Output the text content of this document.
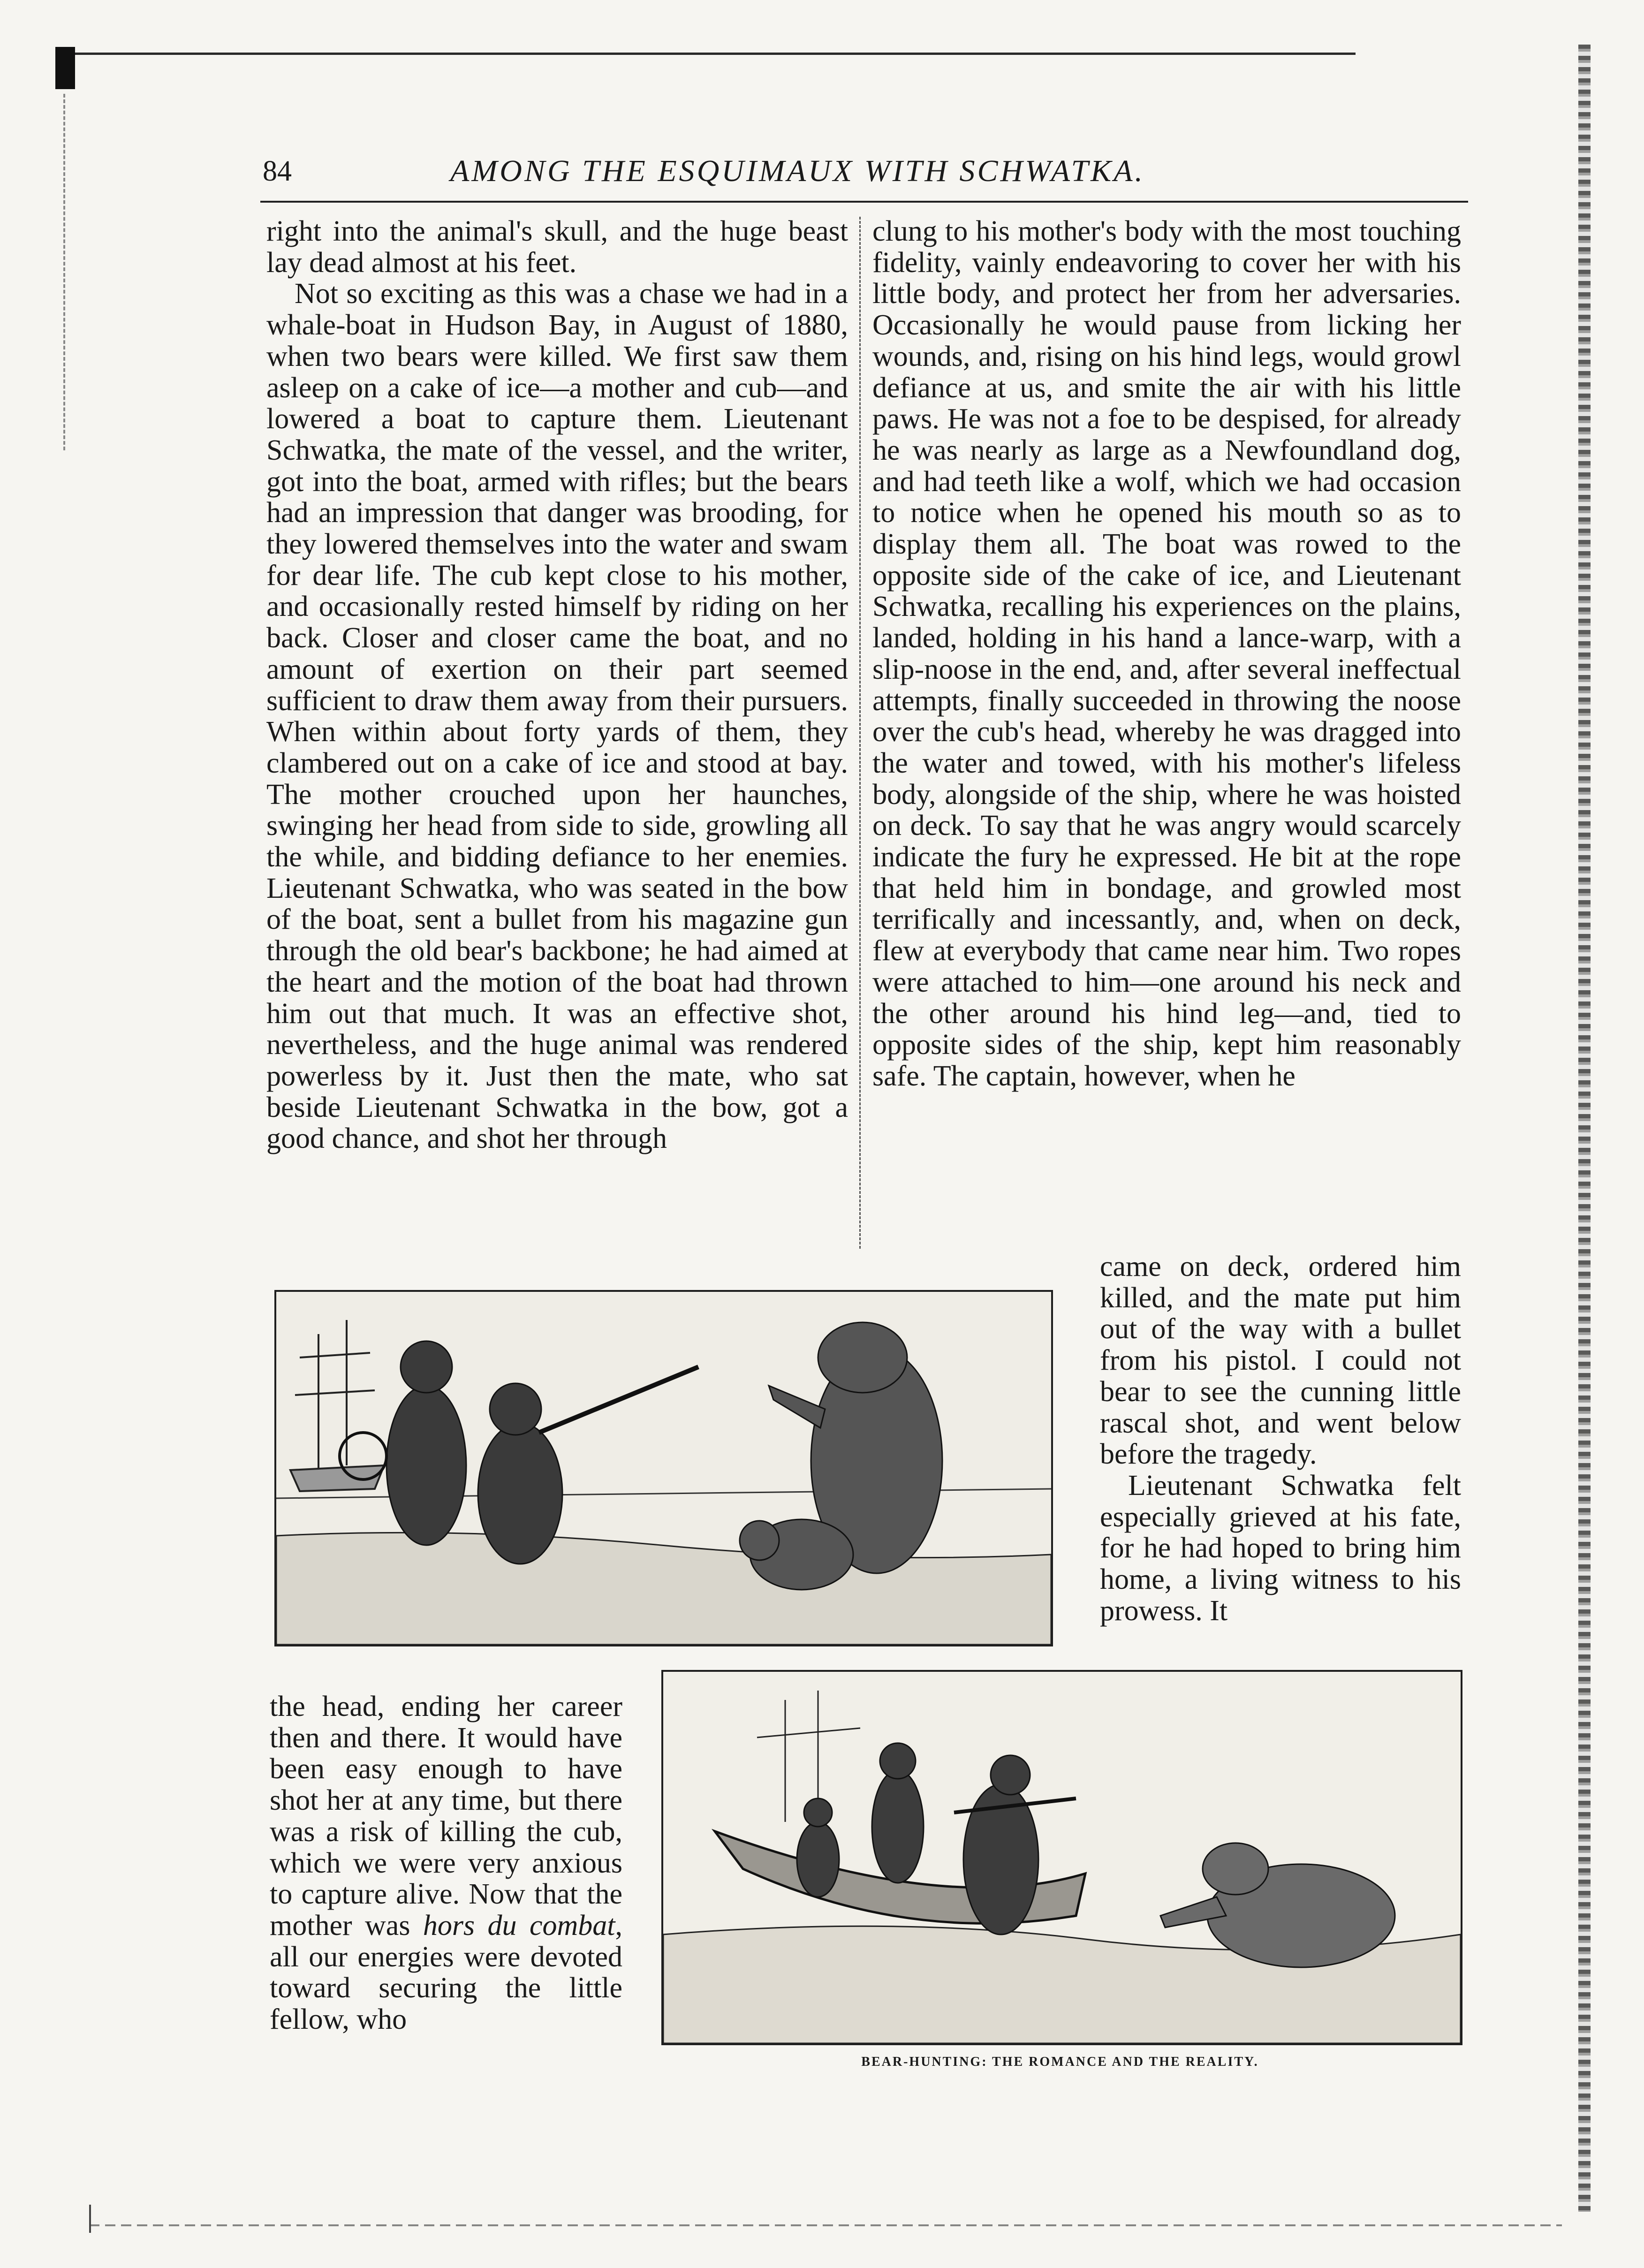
84	AMONG THE ESQUIMAUX WITH SCHWATKA.

right into the animal's skull, and the huge beast lay dead almost at his feet.

Not so exciting as this was a chase we had in a whale-boat in Hudson Bay, in August of 1880, when two bears were killed. We first saw them asleep on a cake of ice—a mother and cub—and lowered a boat to capture them. Lieutenant Schwatka, the mate of the vessel, and the writer, got into the boat, armed with rifles; but the bears had an impression that danger was brooding, for they lowered themselves into the water and swam for dear life. The cub kept close to his mother, and occasionally rested himself by riding on her back. Closer and closer came the boat, and no amount of exertion on their part seemed sufficient to draw them away from their pursuers. When within about forty yards of them, they clambered out on a cake of ice and stood at bay. The mother crouched upon her haunches, swinging her head from side to side, growling all the while, and bidding defiance to her enemies. Lieutenant Schwatka, who was seated in the bow of the boat, sent a bullet from his magazine gun through the old bear's backbone; he had aimed at the heart and the motion of the boat had thrown him out that much. It was an effective shot, nevertheless, and the huge animal was rendered powerless by it. Just then the mate, who sat beside Lieutenant Schwatka in the bow, got a good chance, and shot her through

clung to his mother's body with the most touching fidelity, vainly endeavoring to cover her with his little body, and protect her from her adversaries. Occasionally he would pause from licking her wounds, and, rising on his hind legs, would growl defiance at us, and smite the air with his little paws. He was not a foe to be despised, for already he was nearly as large as a Newfoundland dog, and had teeth like a wolf, which we had occasion to notice when he opened his mouth so as to display them all. The boat was rowed to the opposite side of the cake of ice, and Lieutenant Schwatka, recalling his experiences on the plains, landed, holding in his hand a lance-warp, with a slip-noose in the end, and, after several ineffectual attempts, finally succeeded in throwing the noose over the cub's head, whereby he was dragged into the water and towed, with his mother's lifeless body, alongside of the ship, where he was hoisted on deck. To say that he was angry would scarcely indicate the fury he expressed. He bit at the rope that held him in bondage, and growled most terrifically and incessantly, and, when on deck, flew at everybody that came near him. Two ropes were attached to him—one around his neck and the other around his hind leg—and, tied to opposite sides of the ship, kept him reasonably safe. The captain, however, when he

came on deck, ordered him killed, and the mate put him out of the way with a bullet from his pistol. I could not bear to see the cunning little rascal shot, and went below before the tragedy.

Lieutenant Schwatka felt especially grieved at his fate, for he had hoped to bring him home, a living witness to his prowess. It

the head, ending her career then and there. It would have been easy enough to have shot her at any time, but there was a risk of killing the cub, which we were very anxious to capture alive. Now that the mother was hors du combat, all our energies were devoted toward securing the little fellow, who

BEAR-HUNTING: THE ROMANCE AND THE REALITY.
